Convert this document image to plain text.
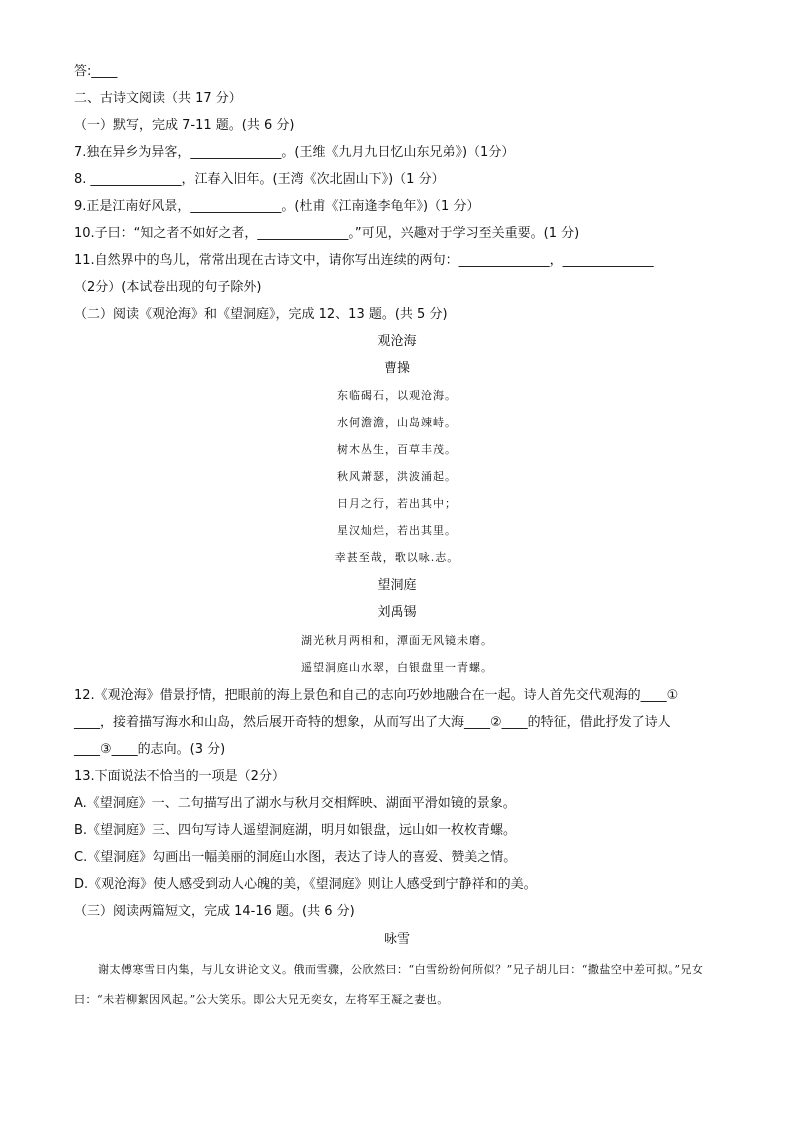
答:____
二、古诗文阅读（共 17 分）
（一）默写，完成 7-11 题。(共 6 分)
7.独在异乡为异客，______________。(王维《九月九日忆山东兄弟》)（1分）
8. ______________，江春入旧年。(王湾《次北固山下》)（1 分）
9.正是江南好风景，______________。(杜甫《江南逢李龟年》)（1 分）
10.子曰：“知之者不如好之者，______________。”可见，兴趣对于学习至关重要。(1 分)
11.自然界中的鸟儿，常常出现在古诗文中，请你写出连续的两句：______________，______________
（2分）(本试卷出现的句子除外)
（二）阅读《观沧海》和《望洞庭》，完成 12、13 题。(共 5 分)
观沧海
曹操
东临碣石，以观沧海。
水何澹澹，山岛竦峙。
树木丛生，百草丰茂。
秋风萧瑟，洪波涌起。
日月之行，若出其中；
星汉灿烂，若出其里。
幸甚至哉，歌以咏.志。
望洞庭
刘禹锡
湖光秋月两相和，潭面无风镜未磨。
遥望洞庭山水翠，白银盘里一青螺。
12.《观沧海》借景抒情，把眼前的海上景色和自己的志向巧妙地融合在一起。诗人首先交代观海的____①
____，接着描写海水和山岛，然后展开奇特的想象，从而写出了大海____②____的特征，借此抒发了诗人
____③____的志向。(3 分)
13.下面说法不恰当的一项是（2分）
A.《望洞庭》一、二句描写出了湖水与秋月交相辉映、湖面平滑如镜的景象。
B.《望洞庭》三、四句写诗人遥望洞庭湖，明月如银盘，远山如一枚枚青螺。
C.《望洞庭》勾画出一幅美丽的洞庭山水图，表达了诗人的喜爱、赞美之情。
D.《观沧海》使人感受到动人心魄的美，《望洞庭》则让人感受到宁静祥和的美。
（三）阅读两篇短文，完成 14-16 题。(共 6 分)
咏雪
谢太傅寒雪日内集，与儿女讲论文义。俄而雪骤，公欣然曰：“白雪纷纷何所似？”兄子胡儿曰：“撒盐空中差可拟。”兄女曰：“未若柳絮因风起。”公大笑乐。即公大兄无奕女，左将军王凝之妻也。
